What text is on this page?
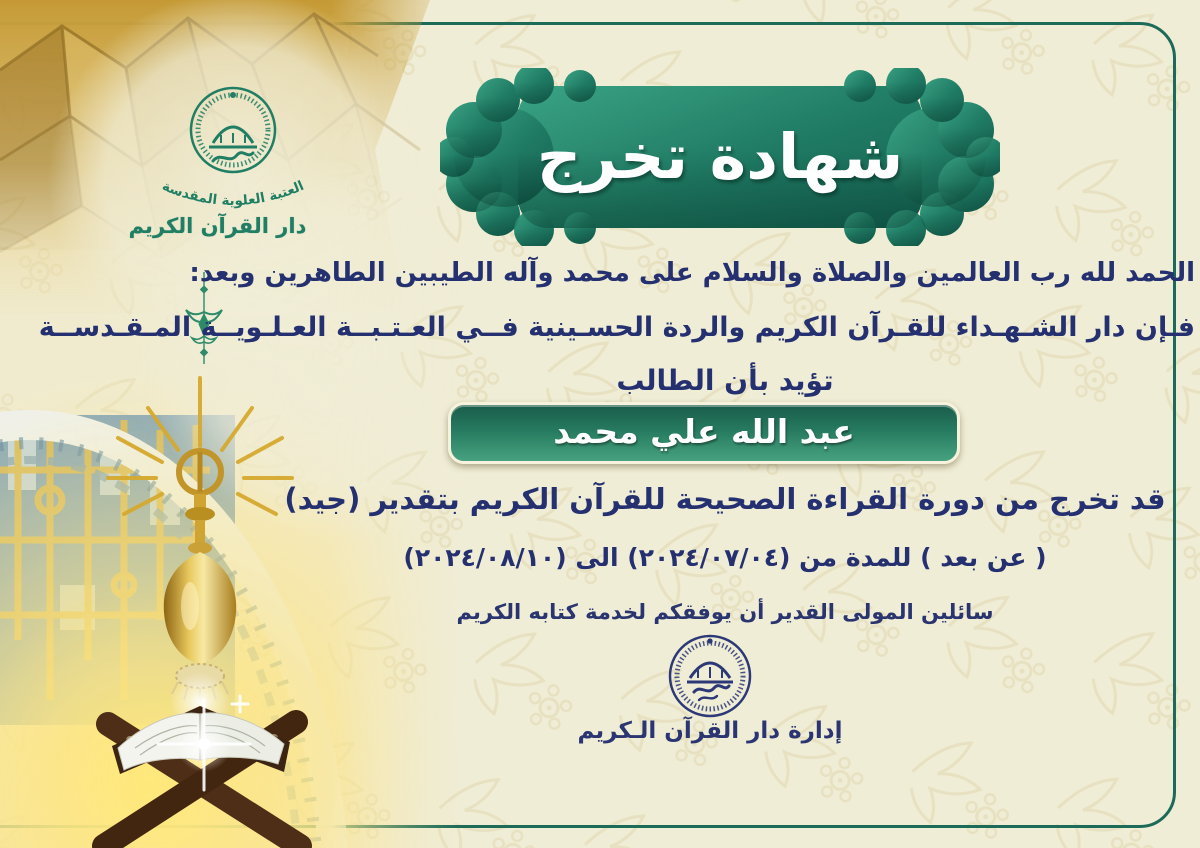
العتبة العلوية المقدسة
دار القرآن الكريم
شهادة تخرج
الحمد لله رب العالمين والصلاة والسلام على محمد وآله الطيبين الطاهرين وبعد:
فـإن دار الشـهـداء للقـرآن الكريم والردة الحسـينية فــي العـتـبــة العـلـويــة المـقـدســة
تؤيد بأن الطالب
عبد الله علي محمد
قد تخرج من دورة القراءة الصحيحة للقرآن الكريم بتقدير (جيد)
( عن بعد ) للمدة من (٢٠٢٤/٠٧/٠٤) الى (٢٠٢٤/٠٨/١٠)
سائلين المولى القدير أن يوفقكم لخدمة كتابه الكريم
إدارة دار القرآن الـكريم
